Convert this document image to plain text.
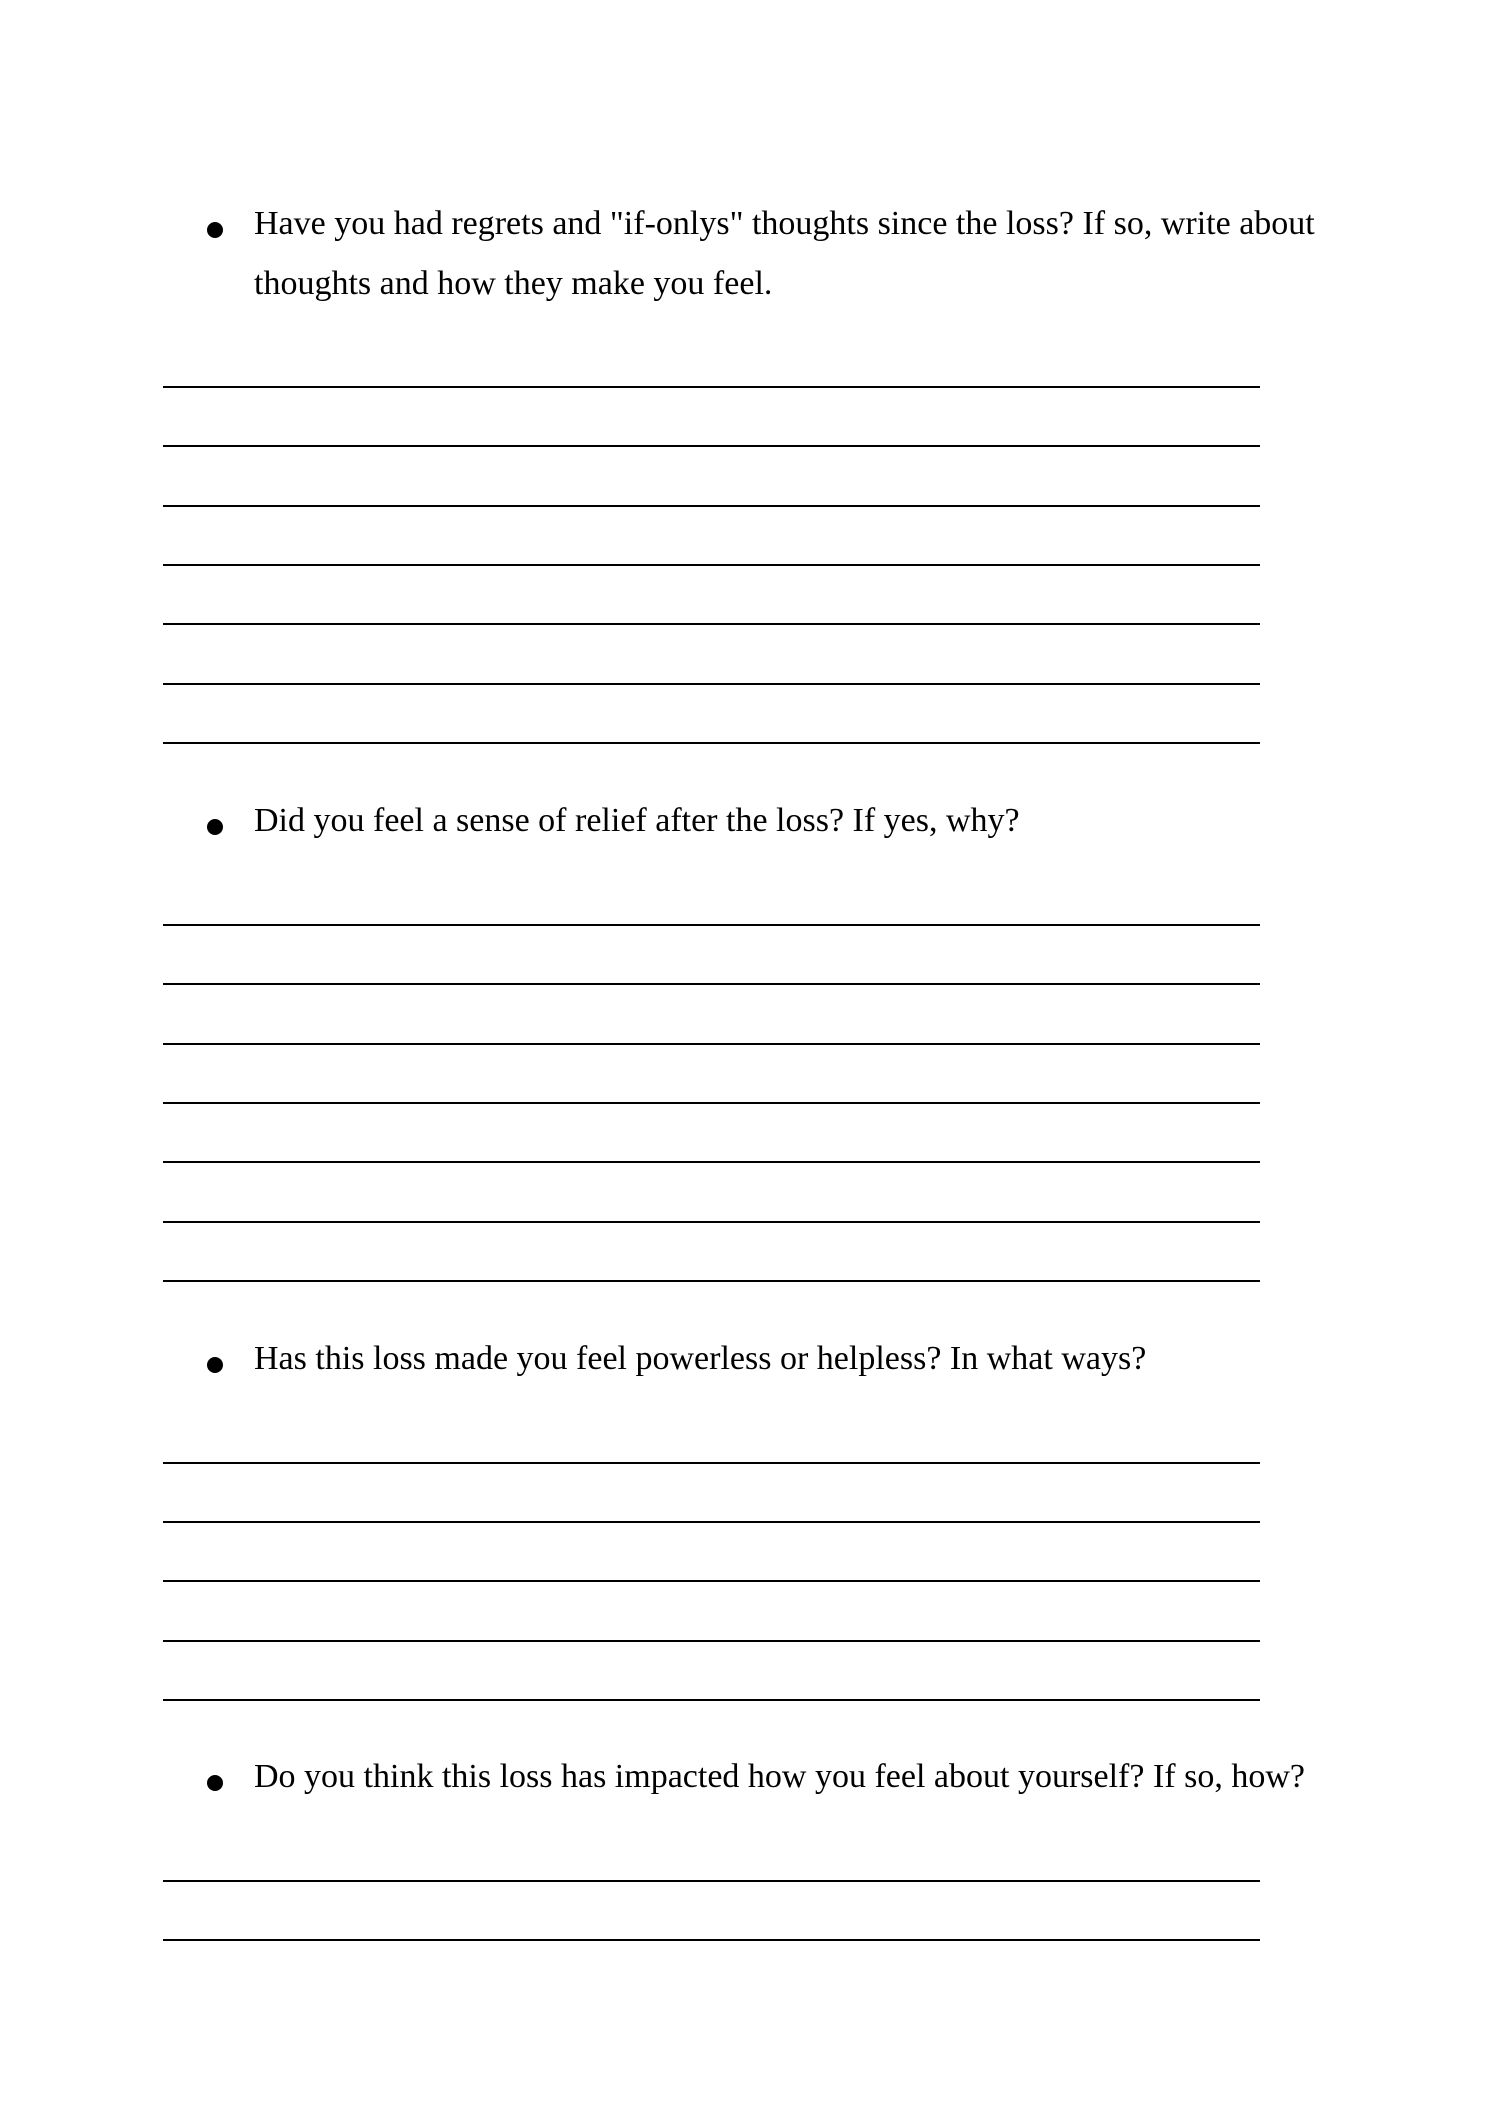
Have you had regrets and "if-onlys" thoughts since the loss? If so, write about thoughts and how they make you feel.

Did you feel a sense of relief after the loss? If yes, why?

Has this loss made you feel powerless or helpless? In what ways?

Do you think this loss has impacted how you feel about yourself? If so, how?
